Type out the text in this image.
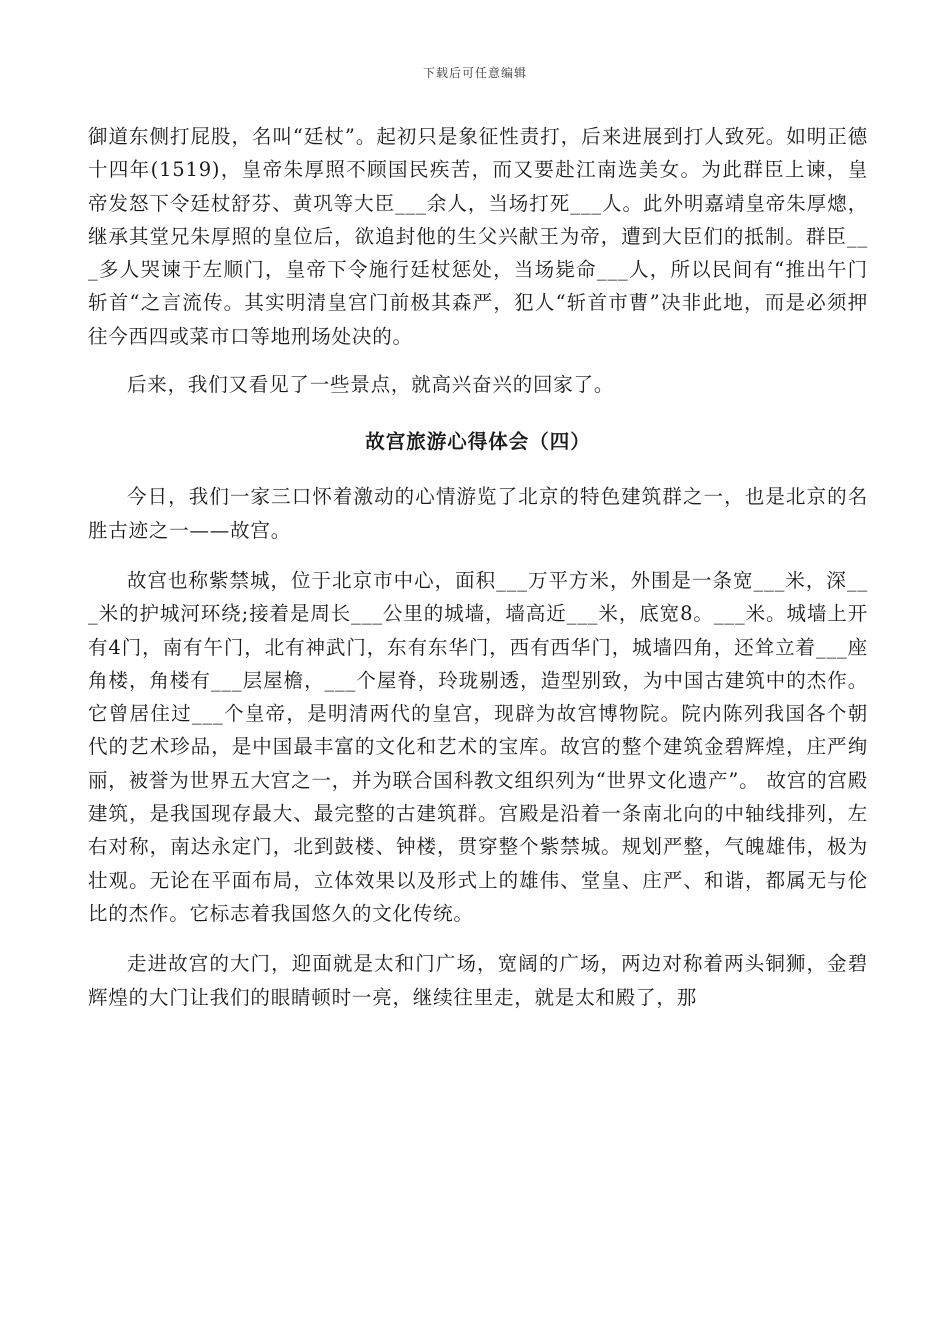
下载后可任意编辑

御道东侧打屁股，名叫“廷杖”。起初只是象征性责打，后来进展到打人致死。如明正德十四年(1519)，皇帝朱厚照不顾国民疾苦，而又要赴江南选美女。为此群臣上谏，皇帝发怒下令廷杖舒芬、黄巩等大臣___余人，当场打死___人。此外明嘉靖皇帝朱厚熜，继承其堂兄朱厚照的皇位后，欲追封他的生父兴献王为帝，遭到大臣们的抵制。群臣___多人哭谏于左顺门，皇帝下令施行廷杖惩处，当场毙命___人，所以民间有“推出午门斩首“之言流传。其实明清皇宫门前极其森严，犯人“斩首市曹”决非此地，而是必须押往今西四或菜市口等地刑场处决的。

后来，我们又看见了一些景点，就高兴奋兴的回家了。

故宫旅游心得体会（四）

今日，我们一家三口怀着激动的心情游览了北京的特色建筑群之一，也是北京的名胜古迹之一——故宫。

故宫也称紫禁城，位于北京市中心，面积___万平方米，外围是一条宽___米，深___米的护城河环绕;接着是周长___公里的城墙，墙高近___米，底宽8。___米。城墙上开有4门，南有午门，北有神武门，东有东华门，西有西华门，城墙四角，还耸立着___座角楼，角楼有___层屋檐，___个屋脊，玲珑剔透，造型别致，为中国古建筑中的杰作。它曾居住过___个皇帝，是明清两代的皇宫，现辟为故宫博物院。院内陈列我国各个朝代的艺术珍品，是中国最丰富的文化和艺术的宝库。故宫的整个建筑金碧辉煌，庄严绚丽，被誉为世界五大宫之一，并为联合国科教文组织列为“世界文化遗产”。 故宫的宫殿建筑，是我国现存最大、最完整的古建筑群。宫殿是沿着一条南北向的中轴线排列，左右对称，南达永定门，北到鼓楼、钟楼，贯穿整个紫禁城。规划严整，气魄雄伟，极为壮观。无论在平面布局，立体效果以及形式上的雄伟、堂皇、庄严、和谐，都属无与伦比的杰作。它标志着我国悠久的文化传统。

走进故宫的大门，迎面就是太和门广场，宽阔的广场，两边对称着两头铜狮，金碧辉煌的大门让我们的眼睛顿时一亮，继续往里走，就是太和殿了，那
